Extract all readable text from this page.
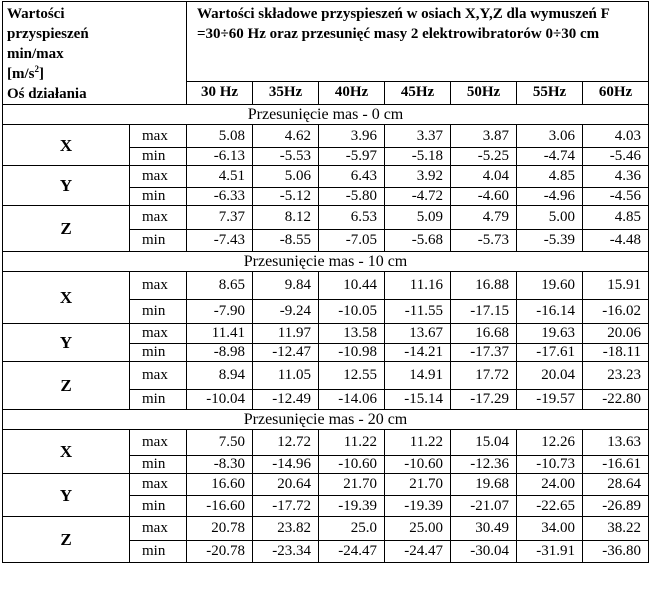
Wartości
przyspieszeń
min/max
$[m/s^2]$
Oś działania		Wartości składowe przyspieszeń w osiach X,Y,Z dla wymuszeń F =30÷60 Hz oraz przesunięć masy 2 elektrowibratorów 0÷30 cm						
		30 Hz	35Hz	40Hz	45Hz	50Hz	55Hz	60Hz
Przesunięcie mas - 0 cm								
X	max	5.08	4.62	3.96	3.37	3.87	3.06	4.03
	min	-6.13	-5.53	-5.97	-5.18	-5.25	-4.74	-5.46
Y	max	4.51	5.06	6.43	3.92	4.04	4.85	4.36
	min	-6.33	-5.12	-5.80	-4.72	-4.60	-4.96	-4.56
Z	max	7.37	8.12	6.53	5.09	4.79	5.00	4.85
	min	-7.43	-8.55	-7.05	-5.68	-5.73	-5.39	-4.48
Przesunięcie mas - 10 cm								
X	max	8.65	9.84	10.44	11.16	16.88	19.60	15.91
	min	-7.90	-9.24	-10.05	-11.55	-17.15	-16.14	-16.02
Y	max	11.41	11.97	13.58	13.67	16.68	19.63	20.06
	min	-8.98	-12.47	-10.98	-14.21	-17.37	-17.61	-18.11
Z	max	8.94	11.05	12.55	14.91	17.72	20.04	23.23
	min	-10.04	-12.49	-14.06	-15.14	-17.29	-19.57	-22.80
Przesunięcie mas - 20 cm								
X	max	7.50	12.72	11.22	11.22	15.04	12.26	13.63
	min	-8.30	-14.96	-10.60	-10.60	-12.36	-10.73	-16.61
Y	max	16.60	20.64	21.70	21.70	19.68	24.00	28.64
	min	-16.60	-17.72	-19.39	-19.39	-21.07	-22.65	-26.89
Z	max	20.78	23.82	25.0	25.00	30.49	34.00	38.22
	min	-20.78	-23.34	-24.47	-24.47	-30.04	-31.91	-36.80
